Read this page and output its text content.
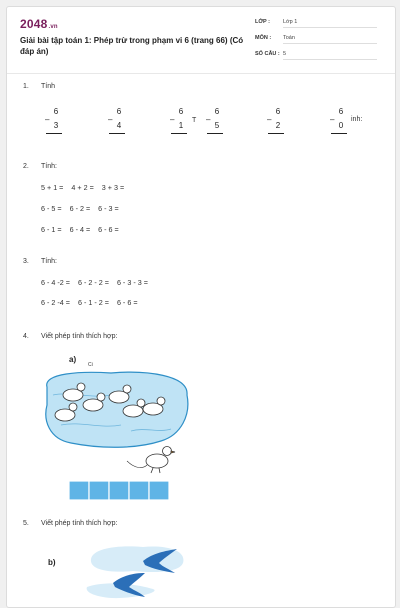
2048.vn
Giải bài tập toán 1: Phép trừ trong phạm vi 6 (trang 66) (Có đáp án)
LỚP : Lớp 1
MÔN : Toán
SỐ CÂU : 5
1. Tính
6
–
3
6
–
4
6
–
1
T
6
–
5
6
–
2
6
–
0
inh:
2. Tính:
5 + 1 = 4 + 2 = 3 + 3 =
6 - 5 = 6 - 2 = 6 - 3 =
6 - 1 = 6 - 4 = 6 - 6 =
3. Tính:
6 - 4 -2 = 6 - 2 - 2 = 6 - 3 - 3 =
6 - 2 -4 = 6 - 1 - 2 = 6 - 6 =
4. Viết phép tính thích hợp:
a)
Ci
5. Viết phép tính thích hợp:
b)
